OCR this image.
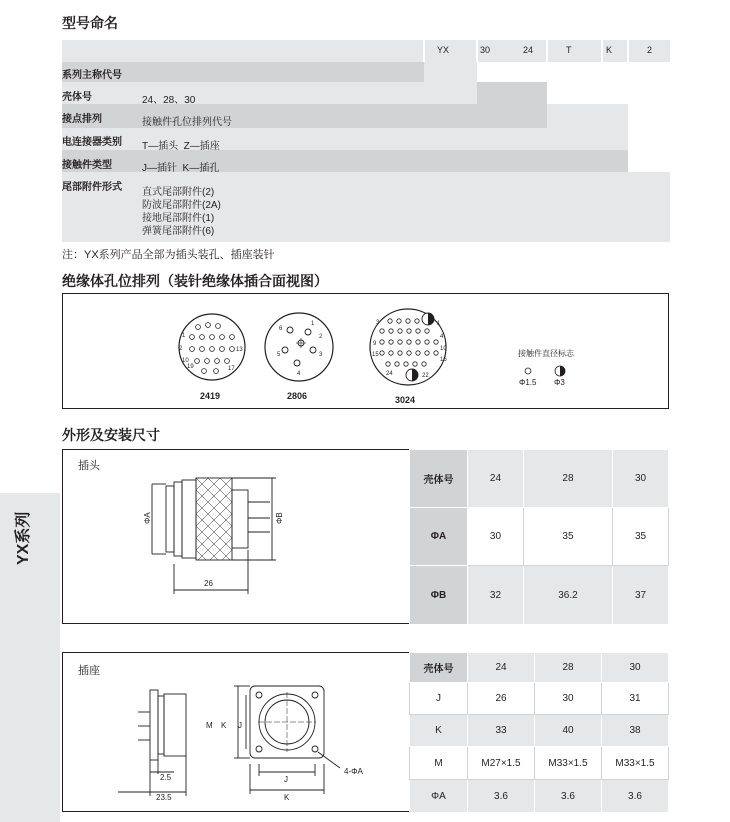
型号命名
YX	30	24	T	K	2
系列主称代号
壳体号	24、28、30
接点排列	接触件孔位排列代号
电连接器类别 T—插头  Z—插座
接触件类型	J—插针  K—插孔
尾部附件形式 直式尾部附件(2)
防波尾部附件(2A)
接地尾部附件(1)
弹簧尾部附件(6)
注：YX系列产品全部为插头装孔、插座装针
绝缘体孔位排列（装针绝缘体插合面视图）
1
2
10
13
19	17
2419
6
1
2
5	3
4
2806
3
9
15
1
4
10
16
24	22
3024
接触件直径标志
Φ1.5 Φ3
外形及安装尺寸
YX系列
插头
ΦA	ΦB
26
壳体号	24	28	30
ΦA	30	35	35
ΦB	32	36.2	37
插座
M K J
J
K
2.5
23.5
4-ΦA
壳体号	24	28	30
J	26	30	31
K	33	40	38
M	M27×1.5	M33×1.5	M33×1.5
ΦA	3.6	3.6	3.6
